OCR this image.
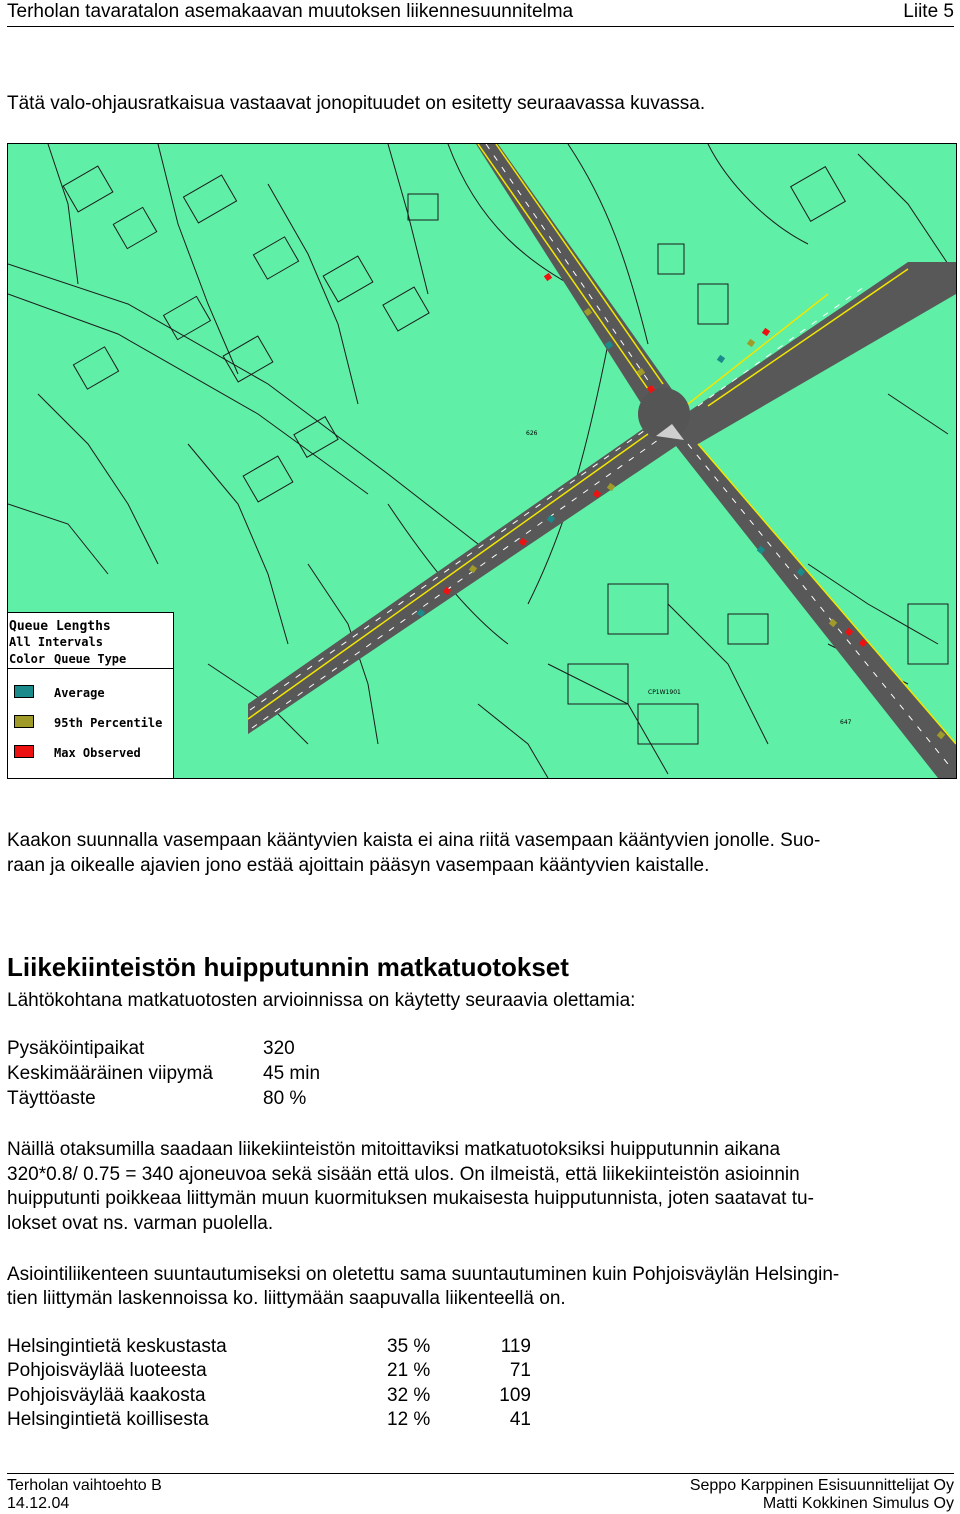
Terholan tavaratalon asemakaavan muutoksen liikennesuunnitelma	Liite 5
Tätä valo-ohjausratkaisua vastaavat jonopituudet on esitetty seuraavassa kuvassa.
626
CP1W1901
647
Queue Lengths
All Intervals
Color Queue Type
Average
95th Percentile
Max Observed
Kaakon suunnalla vasempaan kääntyvien kaista ei aina riitä vasempaan kääntyvien jonolle. Suo-
raan ja oikealle ajavien jono estää ajoittain pääsyn vasempaan kääntyvien kaistalle.
Liikekiinteistön huipputunnin matkatuotokset
Lähtökohtana matkatuotosten arvioinnissa on käytetty seuraavia olettamia:
Pysäköintipaikat	320
Keskimääräinen viipymä	45 min
Täyttöaste	80 %
Näillä otaksumilla saadaan liikekiinteistön mitoittaviksi matkatuotoksiksi huipputunnin aikana
320*0.8/ 0.75 = 340 ajoneuvoa sekä sisään että ulos. On ilmeistä, että liikekiinteistön asioinnin
huipputunti poikkeaa liittymän muun kuormituksen mukaisesta huipputunnista, joten saatavat tu-
lokset ovat ns. varman puolella.
Asiointiliikenteen suuntautumiseksi on oletettu sama suuntautuminen kuin Pohjoisväylän Helsingin-
tien liittymän laskennoissa ko. liittymään saapuvalla liikenteellä on.
Helsingintietä keskustasta	35 %	119
Pohjoisväylää luoteesta	21 %	71
Pohjoisväylää kaakosta	32 %	109
Helsingintietä koillisesta	12 %	41
Terholan vaihtoehto B
14.12.04
Seppo Karppinen Esisuunnittelijat Oy
Matti Kokkinen Simulus Oy
